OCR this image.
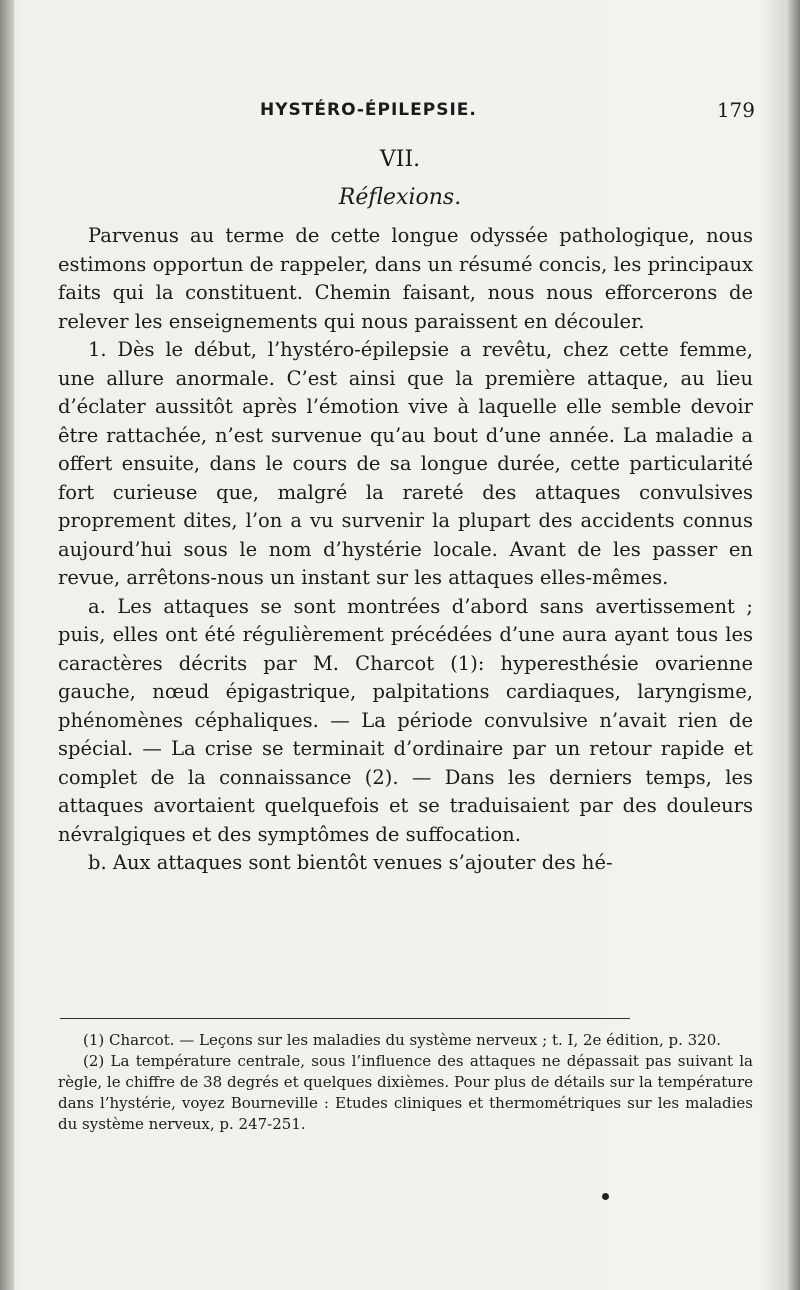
HYSTÉRO-ÉPILEPSIE.	179
VII.
Réflexions.

Parvenus au terme de cette longue odyssée pathologique, nous estimons opportun de rappeler, dans un résumé concis, les principaux faits qui la constituent. Chemin faisant, nous nous efforcerons de relever les enseignements qui nous paraissent en découler.

1. Dès le début, l’hystéro-épilepsie a revêtu, chez cette femme, une allure anormale. C’est ainsi que la première attaque, au lieu d’éclater aussitôt après l’émotion vive à laquelle elle semble devoir être rattachée, n’est survenue qu’au bout d’une année. La maladie a offert ensuite, dans le cours de sa longue durée, cette particularité fort curieuse que, malgré la rareté des attaques convulsives proprement dites, l’on a vu survenir la plupart des accidents connus aujourd’hui sous le nom d’hystérie locale. Avant de les passer en revue, arrêtons-nous un instant sur les attaques elles-mêmes.

a. Les attaques se sont montrées d’abord sans avertissement ; puis, elles ont été régulièrement précédées d’une aura ayant tous les caractères décrits par M. Charcot (1): hyperesthésie ovarienne gauche, nœud épigastrique, palpitations cardiaques, laryngisme, phénomènes céphaliques. — La période convulsive n’avait rien de spécial. — La crise se terminait d’ordinaire par un retour rapide et complet de la connaissance (2). — Dans les derniers temps, les attaques avortaient quelquefois et se traduisaient par des douleurs névralgiques et des symptômes de suffocation.

b. Aux attaques sont bientôt venues s’ajouter des hé-

(1) Charcot. — Leçons sur les maladies du système nerveux ; t. I, 2e édition, p. 320.

(2) La température centrale, sous l’influence des attaques ne dépassait pas suivant la règle, le chiffre de 38 degrés et quelques dixièmes. Pour plus de détails sur la température dans l’hystérie, voyez Bourneville : Etudes cliniques et thermométriques sur les maladies du système nerveux, p. 247-251.
